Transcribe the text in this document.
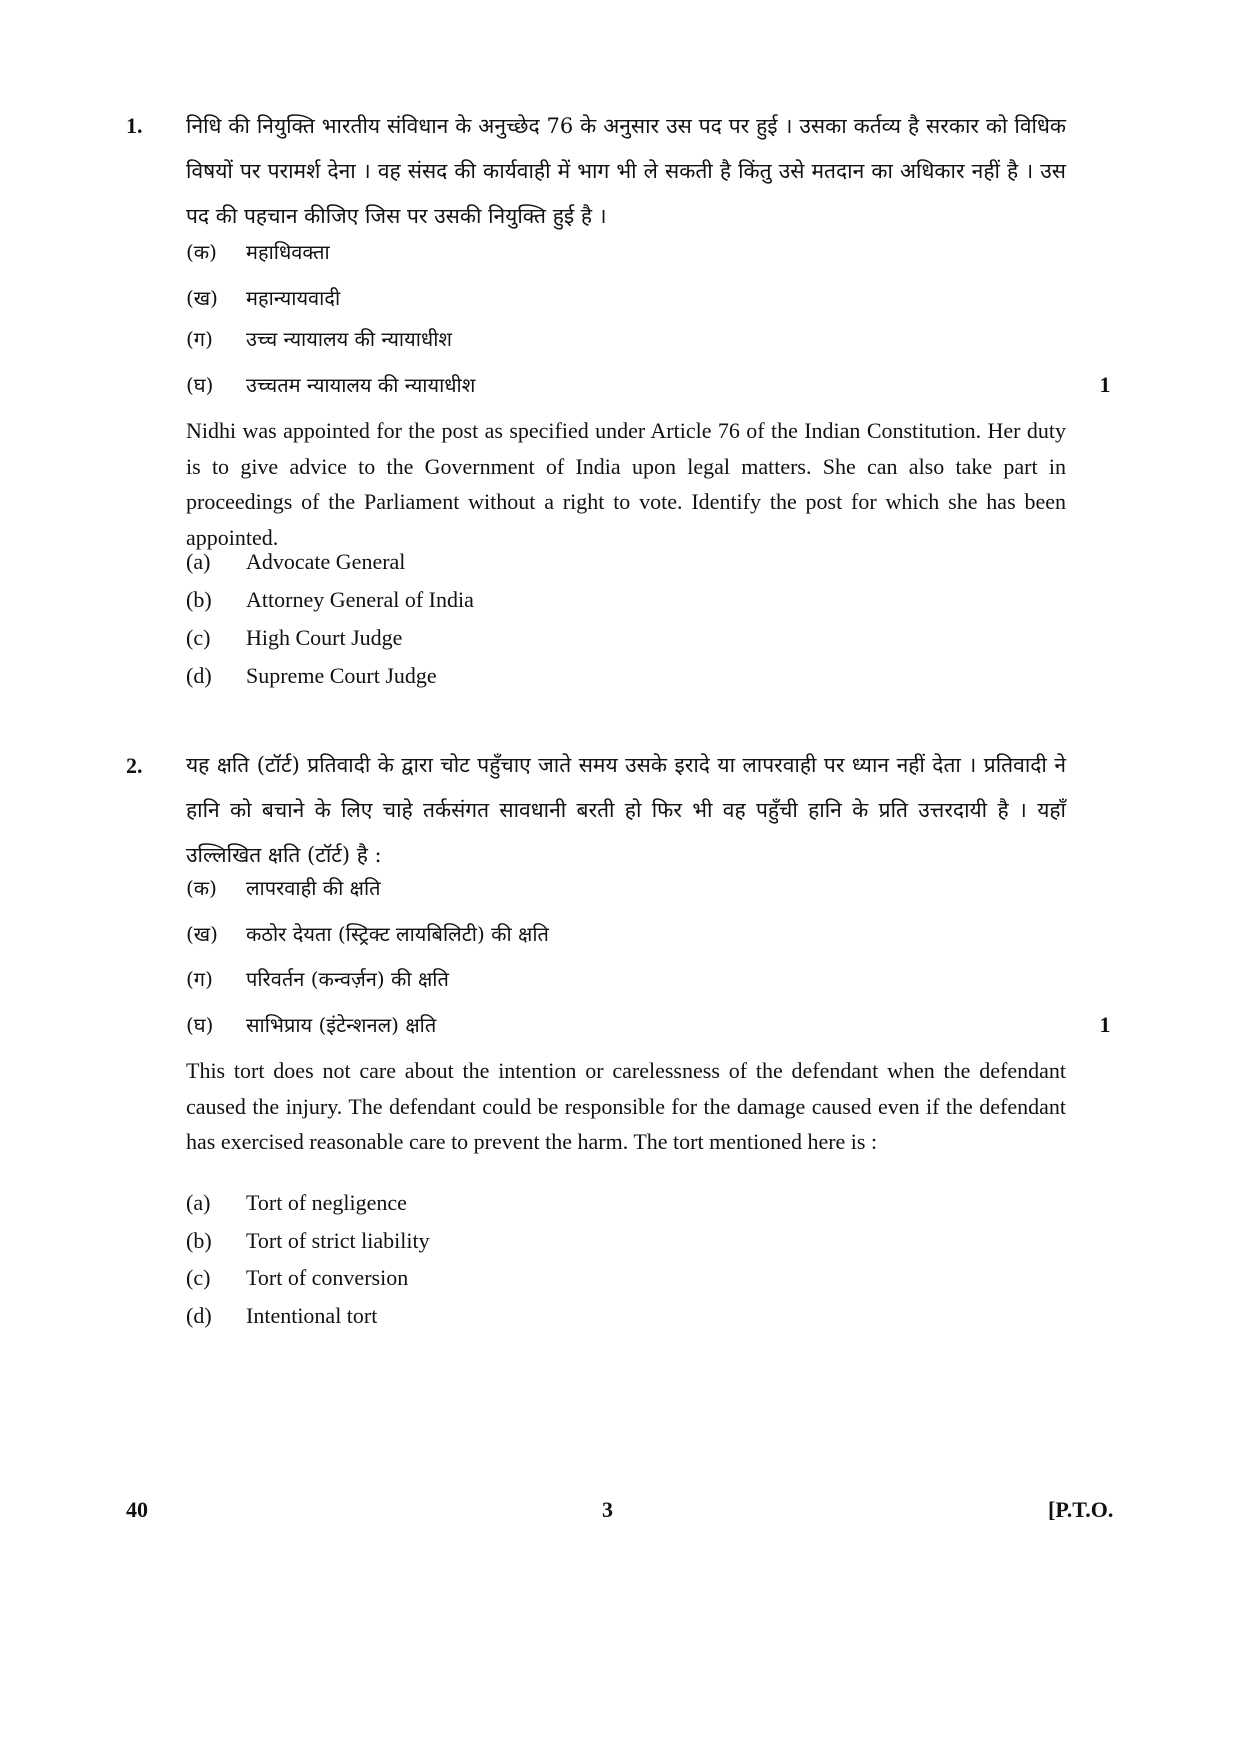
1. निधि की नियुक्ति भारतीय संविधान के अनुच्छेद 76 के अनुसार उस पद पर हुई । उसका कर्तव्य है सरकार को विधिक विषयों पर परामर्श देना । वह संसद की कार्यवाही में भाग भी ले सकती है किंतु उसे मतदान का अधिकार नहीं है । उस पद की पहचान कीजिए जिस पर उसकी नियुक्ति हुई है ।
(क)	महाधिवक्ता
(ख)	महान्यायवादी
(ग)	उच्च न्यायालय की न्यायाधीश
(घ)	उच्चतम न्यायालय की न्यायाधीश	1
Nidhi was appointed for the post as specified under Article 76 of the Indian Constitution. Her duty is to give advice to the Government of India upon legal matters. She can also take part in proceedings of the Parliament without a right to vote. Identify the post for which she has been appointed.
(a)	Advocate General
(b)	Attorney General of India
(c)	High Court Judge
(d)	Supreme Court Judge
2. यह क्षति (टॉर्ट) प्रतिवादी के द्वारा चोट पहुँचाए जाते समय उसके इरादे या लापरवाही पर ध्यान नहीं देता । प्रतिवादी ने हानि को बचाने के लिए चाहे तर्कसंगत सावधानी बरती हो फिर भी वह पहुँची हानि के प्रति उत्तरदायी है । यहाँ उल्लिखित क्षति (टॉर्ट) है :
(क)	लापरवाही की क्षति
(ख)	कठोर देयता (स्ट्रिक्ट लायबिलिटी) की क्षति
(ग)	परिवर्तन (कन्वर्ज़न) की क्षति
(घ)	साभिप्राय (इंटेन्शनल) क्षति	1
This tort does not care about the intention or carelessness of the defendant when the defendant caused the injury. The defendant could be responsible for the damage caused even if the defendant has exercised reasonable care to prevent the harm. The tort mentioned here is :
(a)	Tort of negligence
(b)	Tort of strict liability
(c)	Tort of conversion
(d)	Intentional tort
40	3	[P.T.O.
